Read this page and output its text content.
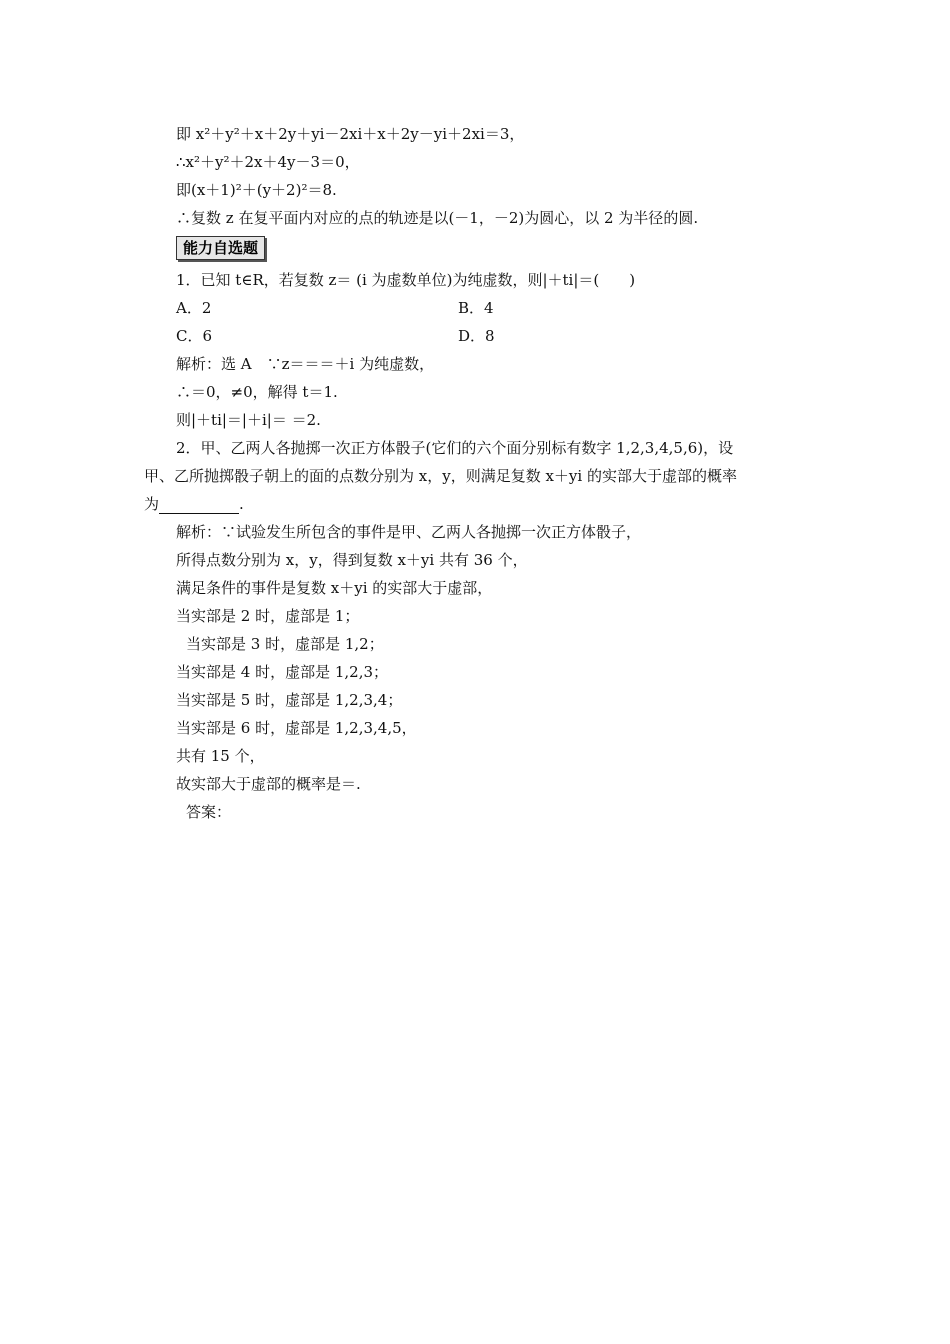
即 x²＋y²＋x＋2y＋yi－2xi＋x＋2y－yi＋2xi＝3，
∴x²＋y²＋2x＋4y－3＝0，
即(x＋1)²＋(y＋2)²＝8.
∴复数 z 在复平面内对应的点的轨迹是以(－1，－2)为圆心，以 2 为半径的圆.
能力自选题
1．已知 t∈R，若复数 z＝ (i 为虚数单位)为纯虚数，则|＋ti|＝(　　)
A．2	B．4
C．6	D．8
解析：选 A　∵z＝＝＝＋i 为纯虚数，
∴＝0，≠0，解得 t＝1.
则|＋ti|＝|＋i|＝ ＝2.
2．甲、乙两人各抛掷一次正方体骰子(它们的六个面分别标有数字 1,2,3,4,5,6)，设
甲、乙所抛掷骰子朝上的面的点数分别为 x，y，则满足复数 x＋yi 的实部大于虚部的概率
为	.
解析：∵试验发生所包含的事件是甲、乙两人各抛掷一次正方体骰子，
所得点数分别为 x，y，得到复数 x＋yi 共有 36 个，
满足条件的事件是复数 x＋yi 的实部大于虚部，
当实部是 2 时，虚部是 1；
当实部是 3 时，虚部是 1,2；
当实部是 4 时，虚部是 1,2,3；
当实部是 5 时，虚部是 1,2,3,4；
当实部是 6 时，虚部是 1,2,3,4,5，
共有 15 个，
故实部大于虚部的概率是＝.
答案：
